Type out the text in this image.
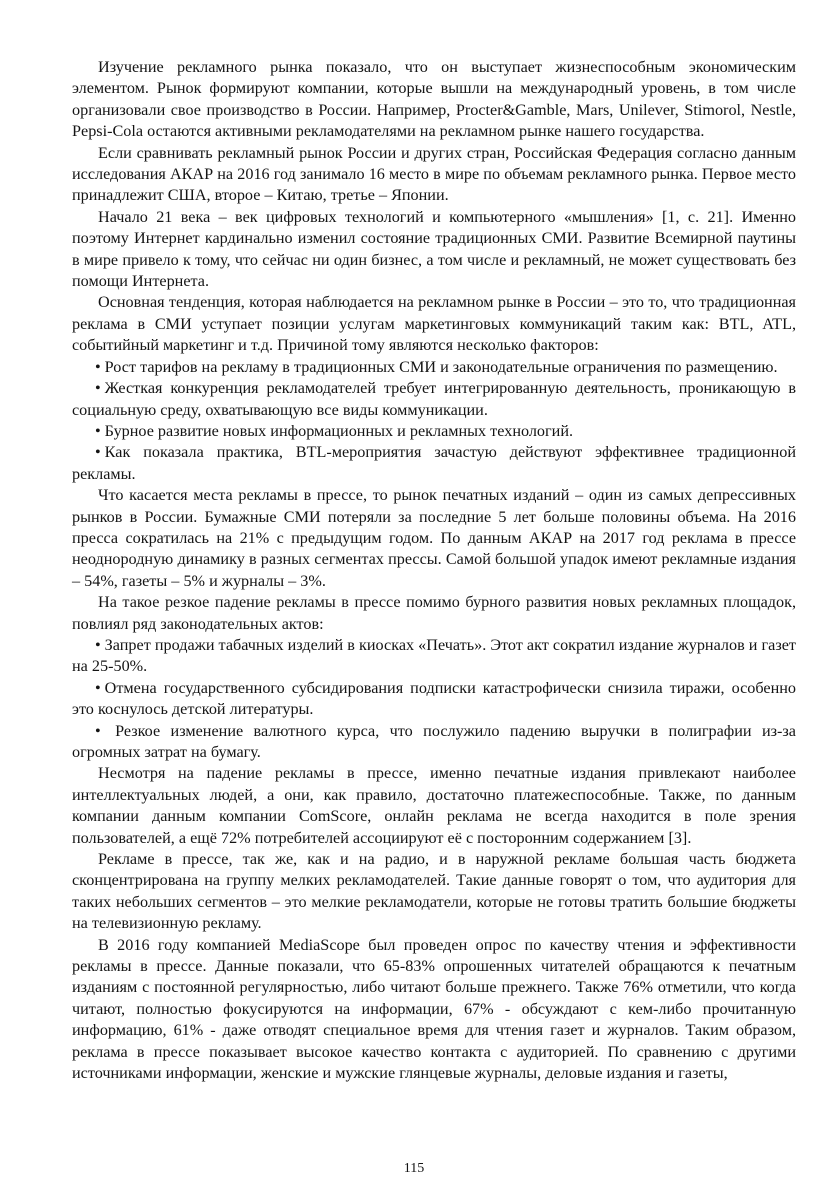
Изучение рекламного рынка показало, что он выступает жизнеспособным экономическим элементом. Рынок формируют компании, которые вышли на международный уровень, в том числе организовали свое производство в России. Например, Procter&Gamble, Mars, Unilever, Stimorol, Nestle, Pepsi-Cola остаются активными рекламодателями на рекламном рынке нашего государства.

Если сравнивать рекламный рынок России и других стран, Российская Федерация согласно данным исследования АКАР на 2016 год занимало 16 место в мире по объемам рекламного рынка. Первое место принадлежит США, второе – Китаю, третье – Японии.

Начало 21 века – век цифровых технологий и компьютерного «мышления» [1, с. 21]. Именно поэтому Интернет кардинально изменил состояние традиционных СМИ. Развитие Всемирной паутины в мире привело к тому, что сейчас ни один бизнес, а том числе и рекламный, не может существовать без помощи Интернета.

Основная тенденция, которая наблюдается на рекламном рынке в России – это то, что традиционная реклама в СМИ уступает позиции услугам маркетинговых коммуникаций таким как: BTL, ATL, событийный маркетинг и т.д. Причиной тому являются несколько факторов:

• Рост тарифов на рекламу в традиционных СМИ и законодательные ограничения по размещению.

• Жесткая конкуренция рекламодателей требует интегрированную деятельность, проникающую в социальную среду, охватывающую все виды коммуникации.

• Бурное развитие новых информационных и рекламных технологий.

• Как показала практика, BTL-мероприятия зачастую действуют эффективнее традиционной рекламы.

Что касается места рекламы в прессе, то рынок печатных изданий – один из самых депрессивных рынков в России. Бумажные СМИ потеряли за последние 5 лет больше половины объема. На 2016 пресса сократилась на 21% с предыдущим годом. По данным АКАР на 2017 год реклама в прессе неоднородную динамику в разных сегментах прессы. Самой большой упадок имеют рекламные издания – 54%, газеты – 5% и журналы – 3%.

На такое резкое падение рекламы в прессе помимо бурного развития новых рекламных площадок, повлиял ряд законодательных актов:

• Запрет продажи табачных изделий в киосках «Печать». Этот акт сократил издание журналов и газет на 25-50%.

• Отмена государственного субсидирования подписки катастрофически снизила тиражи, особенно это коснулось детской литературы.

• Резкое изменение валютного курса, что послужило падению выручки в полиграфии из-за огромных затрат на бумагу.

Несмотря на падение рекламы в прессе, именно печатные издания привлекают наиболее интеллектуальных людей, а они, как правило, достаточно платежеспособные. Также, по данным компании данным компании ComScore, онлайн реклама не всегда находится в поле зрения пользователей, а ещё 72% потребителей ассоциируют её с посторонним содержанием [3].

Рекламе в прессе, так же, как и на радио, и в наружной рекламе большая часть бюджета сконцентрирована на группу мелких рекламодателей. Такие данные говорят о том, что аудитория для таких небольших сегментов – это мелкие рекламодатели, которые не готовы тратить большие бюджеты на телевизионную рекламу.

В 2016 году компанией MediaScope был проведен опрос по качеству чтения и эффективности рекламы в прессе. Данные показали, что 65-83% опрошенных читателей обращаются к печатным изданиям с постоянной регулярностью, либо читают больше прежнего. Также 76% отметили, что когда читают, полностью фокусируются на информации, 67% - обсуждают с кем-либо прочитанную информацию, 61% - даже отводят специальное время для чтения газет и журналов. Таким образом, реклама в прессе показывает высокое качество контакта с аудиторией. По сравнению с другими источниками информации, женские и мужские глянцевые журналы, деловые издания и газеты,

115
